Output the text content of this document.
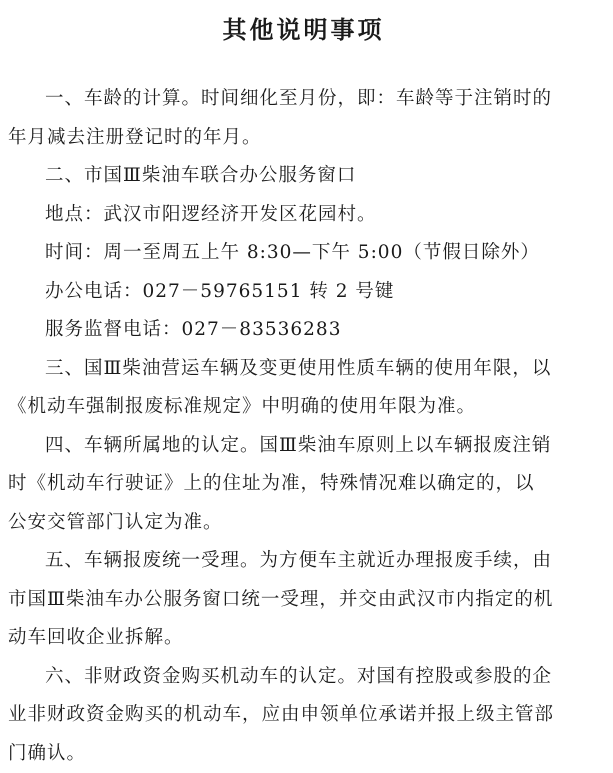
其他说明事项

一、车龄的计算。时间细化至月份，即：车龄等于注销时的
年月减去注册登记时的年月。

二、市国Ⅲ柴油车联合办公服务窗口

地点：武汉市阳逻经济开发区花园村。

时间：周一至周五上午 8:30—下午 5:00（节假日除外）

办公电话：027－59765151 转 2 号键

服务监督电话：027－83536283

三、国Ⅲ柴油营运车辆及变更使用性质车辆的使用年限，以
《机动车强制报废标准规定》中明确的使用年限为准。

四、车辆所属地的认定。国Ⅲ柴油车原则上以车辆报废注销
时《机动车行驶证》上的住址为准，特殊情况难以确定的，以
公安交管部门认定为准。

五、车辆报废统一受理。为方便车主就近办理报废手续，由
市国Ⅲ柴油车办公服务窗口统一受理，并交由武汉市内指定的机
动车回收企业拆解。

六、非财政资金购买机动车的认定。对国有控股或参股的企
业非财政资金购买的机动车，应由申领单位承诺并报上级主管部
门确认。
